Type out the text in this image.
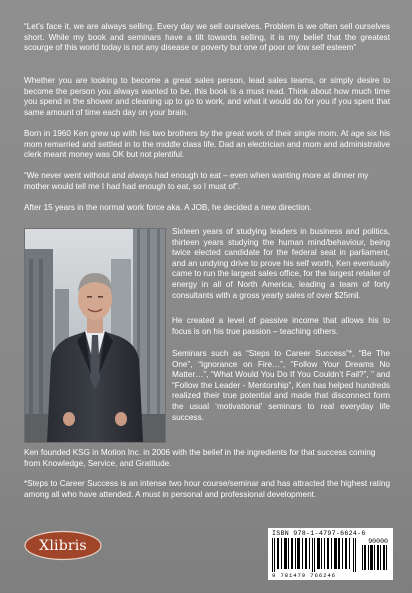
“Let’s face it, we are always selling. Every day we sell ourselves. Problem is we often sell ourselves short. While my book and seminars have a tilt towards selling, it is my belief that the greatest scourge of this world today is not any disease or poverty but one of poor or low self esteem”

Whether you are looking to become a great sales person, lead sales teams, or simply desire to become the person you always wanted to be, this book is a must read. Think about how much time you spend in the shower and cleaning up to go to work, and what it would do for you if you spent that same amount of time each day on your brain.

Born in 1960 Ken grew up with his two brothers by the great work of their single mom. At age six his mom remarried and settled in to the middle class life. Dad an electrician and mom and administrative clerk meant money was OK but not plentiful.

“We never went without and always had enough to eat – even when wanting more at dinner my mother would tell me I had had enough to eat, so I must of”.

After 15 years in the normal work force aka. A JOB, he decided a new direction.

Sixteen years of studying leaders in business and politics, thirteen years studying the human mind/behaviour, being twice elected candidate for the federal seat in parliament, and an undying drive to prove his self worth, Ken eventually came to run the largest sales office, for the largest retailer of energy in all of North America, leading a team of forty consultants with a gross yearly sales of over $25mil.

He created a level of passive income that allows his to focus is on his true passion – teaching others.

Seminars such as “Steps to Career Success”*, “Be The One”, “Ignorance on Fire…”, “Follow Your Dreams No Matter…”, “What Would You Do If You Couldn’t Fail?”, ” and “Follow the Leader - Mentorship”, Ken has helped hundreds realized their true potential and made that disconnect form the usual ‘motivational’ seminars to real everyday life success.

Ken founded KSG in Motion Inc. in 2006 with the belief in the ingredients for that success coming from Knowledge, Service, and Gratitude.

*Steps to Career Success is an intense two hour course/seminar and has attracted the highest rating among all who have attended. A must in personal and professional development.

Xlibris
ISBN 978-1-4797-6624-6
90000
9 781479 766246
